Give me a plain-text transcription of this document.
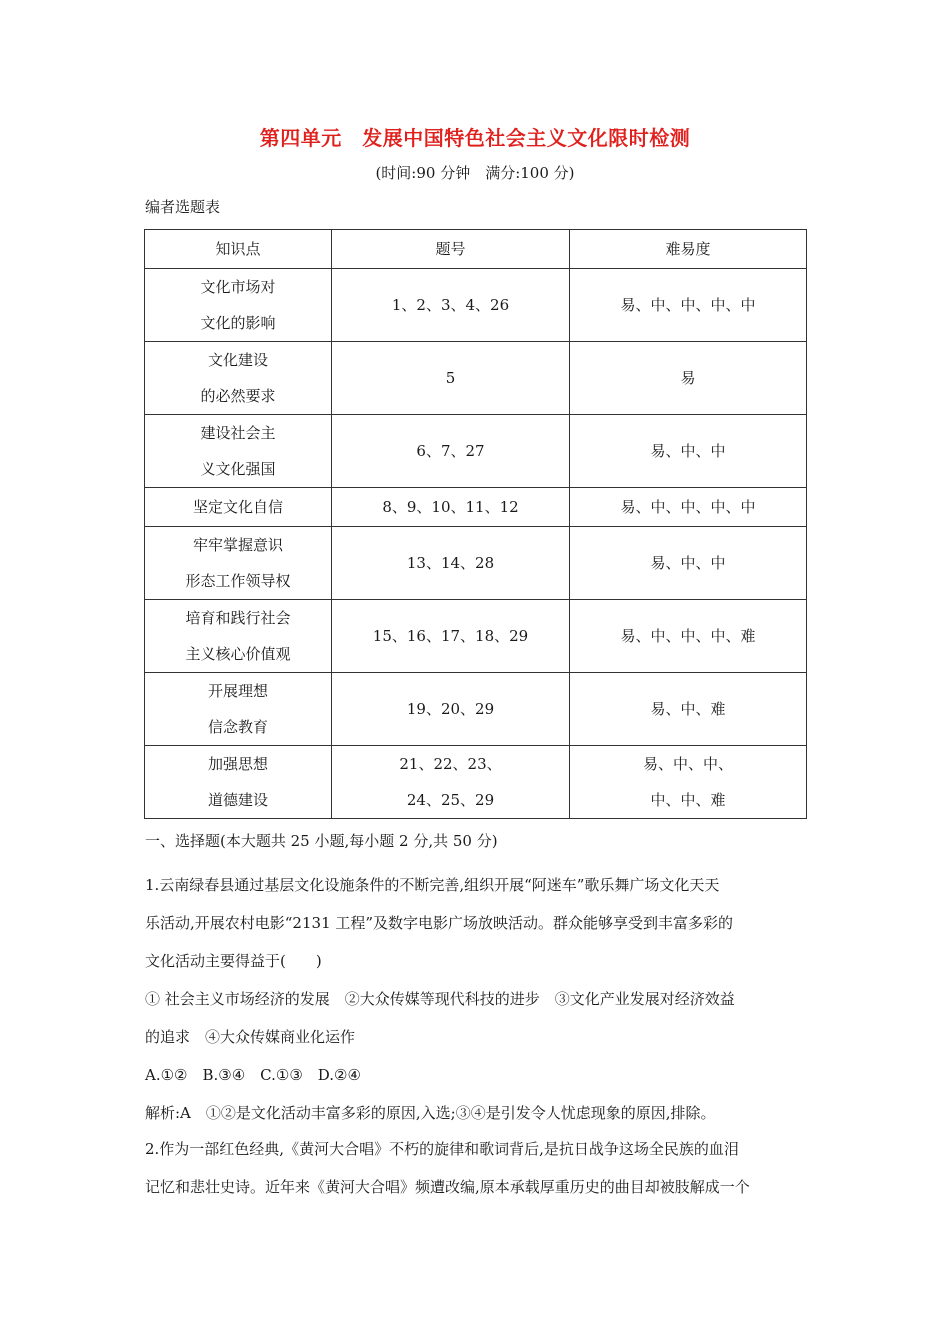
第四单元　发展中国特色社会主义文化限时检测
(时间:90 分钟　满分:100 分)
编者选题表
知识点	题号	难易度

文化市场对
文化的影响	1、2、3、4、26	易、中、中、中、中

文化建设
的必然要求	5	易

建设社会主
义文化强国	6、7、27	易、中、中

坚定文化自信	8、9、10、11、12	易、中、中、中、中

牢牢掌握意识
形态工作领导权	13、14、28	易、中、中

培育和践行社会
主义核心价值观	15、16、17、18、29	易、中、中、中、难

开展理想
信念教育	19、20、29	易、中、难

加强思想
道德建设	21、22、23、
24、25、29	易、中、中、
中、中、难
一、选择题(本大题共 25 小题,每小题 2 分,共 50 分)

1.云南绿春县通过基层文化设施条件的不断完善,组织开展“阿迷车”歌乐舞广场文化天天

乐活动,开展农村电影“2131 工程”及数字电影广场放映活动。群众能够享受到丰富多彩的

文化活动主要得益于(　　)

① 社会主义市场经济的发展　②大众传媒等现代科技的进步　③文化产业发展对经济效益

的追求　④大众传媒商业化运作

A.①②　B.③④　C.①③　D.②④

解析:A　①②是文化活动丰富多彩的原因,入选;③④是引发令人忧虑现象的原因,排除。

2.作为一部红色经典,《黄河大合唱》不朽的旋律和歌词背后,是抗日战争这场全民族的血泪

记忆和悲壮史诗。近年来《黄河大合唱》频遭改编,原本承载厚重历史的曲目却被肢解成一个
